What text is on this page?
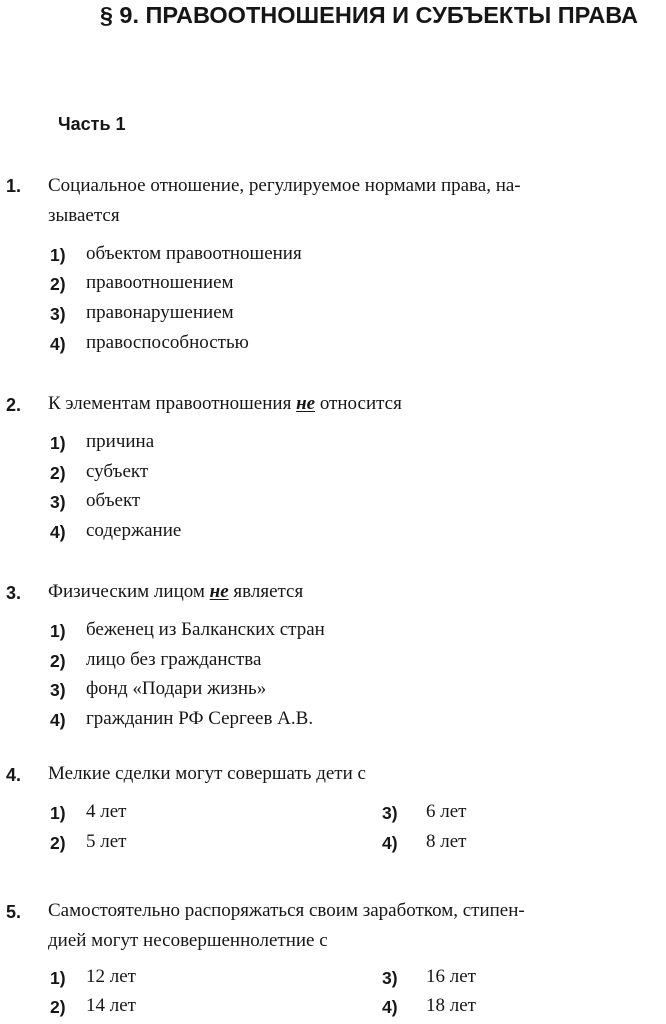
§ 9. ПРАВООТНОШЕНИЯ И СУБЪЕКТЫ ПРАВА
Часть 1
1. Социальное отношение, регулируемое нормами права, на-
зывается
1) объектом правоотношения
2) правоотношением
3) правонарушением
4) правоспособностью
2. К элементам правоотношения не относится
1) причина
2) субъект
3) объект
4) содержание
3. Физическим лицом не является
1) беженец из Балканских стран
2) лицо без гражданства
3) фонд «Подари жизнь»
4) гражданин РФ Сергеев А.В.
4. Мелкие сделки могут совершать дети с
1) 4 лет
2) 5 лет
3) 6 лет
4) 8 лет
5. Самостоятельно распоряжаться своим заработком, стипен-
дией могут несовершеннолетние с
1) 12 лет
2) 14 лет
3) 16 лет
4) 18 лет
